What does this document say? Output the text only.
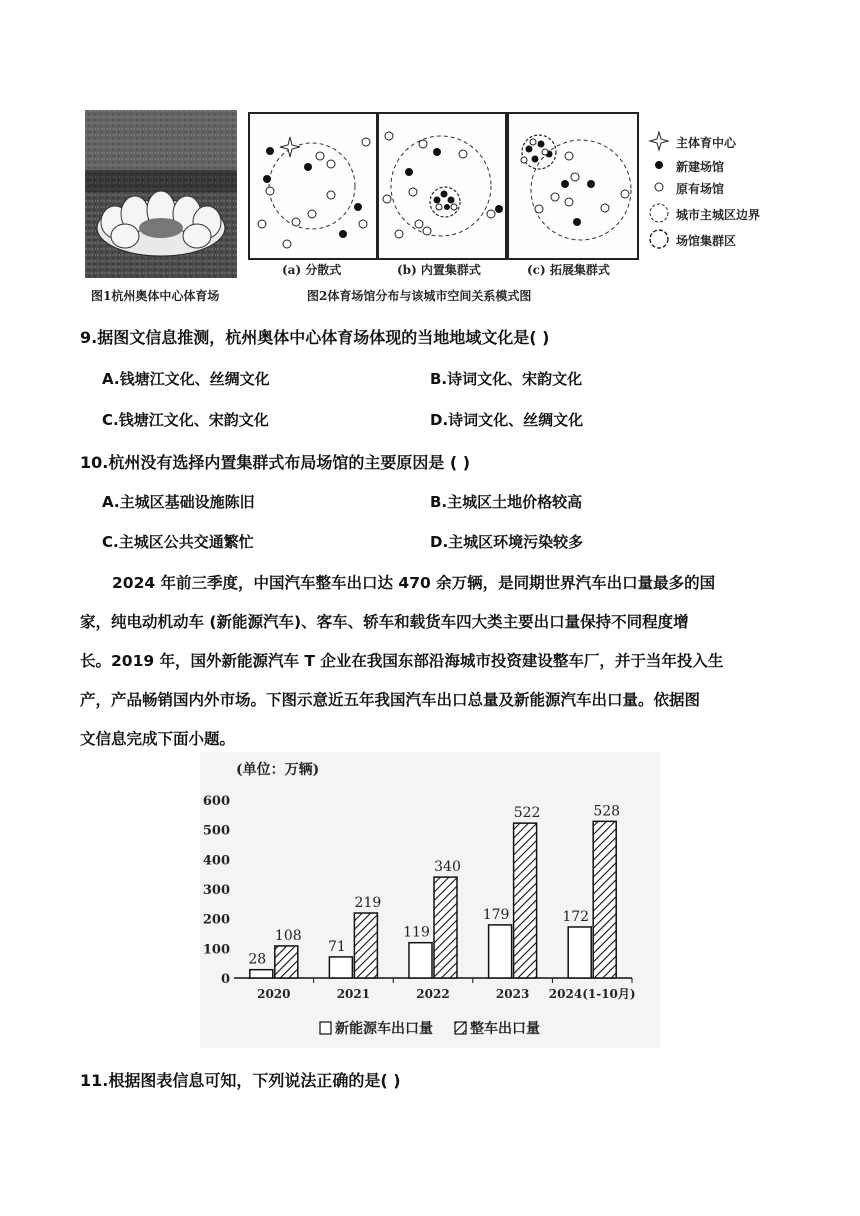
图1杭州奥体中心体育场
(a) 分散式	(b) 内置集群式	(c) 拓展集群式
图2体育场馆分布与该城市空间关系模式图
主体育中心
新建场馆
原有场馆
城市主城区边界
场馆集群区
9.据图文信息推测，杭州奥体中心体育场体现的当地地域文化是( )
A.钱塘江文化、丝绸文化	B.诗词文化、宋韵文化
C.钱塘江文化、宋韵文化	D.诗词文化、丝绸文化
10.杭州没有选择内置集群式布局场馆的主要原因是 ( )
A.主城区基础设施陈旧	B.主城区土地价格较高
C.主城区公共交通繁忙	D.主城区环境污染较多
2024 年前三季度，中国汽车整车出口达 470 余万辆，是同期世界汽车出口量最多的国
家，纯电动机动车 (新能源汽车)、客车、轿车和载货车四大类主要出口量保持不同程度增
长。2019 年，国外新能源汽车 T 企业在我国东部沿海城市投资建设整车厂，并于当年投入生
产，产品畅销国内外市场。下图示意近五年我国汽车出口总量及新能源汽车出口量。依据图
文信息完成下面小题。
(单位：万辆)
0
100
200
300
400
500
600
2020
28
108
2021
71
219
2022
119
340
2023
179
522
2024(1-10月)
172
528
新能源车出口量	整车出口量
11.根据图表信息可知，下列说法正确的是( )
